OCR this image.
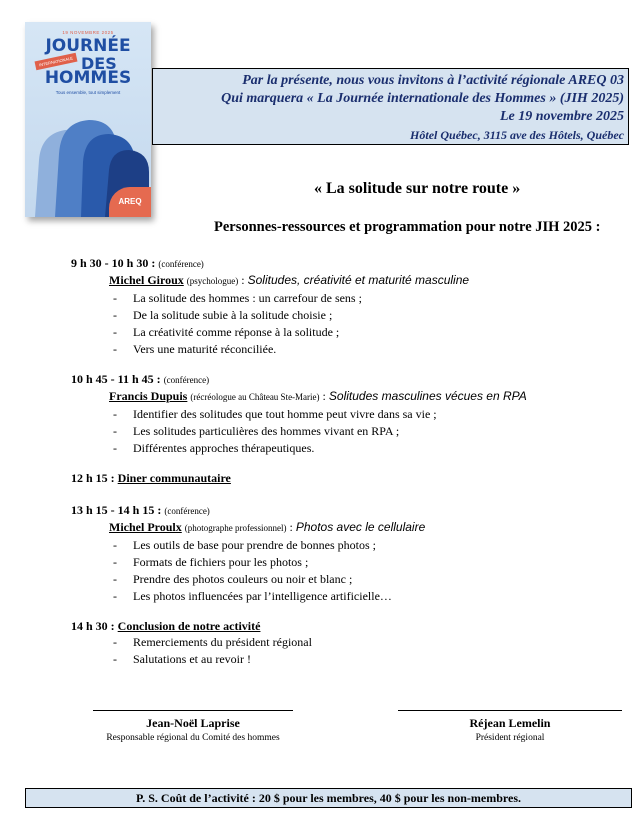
19 NOVEMBRE 2025
JOURNÉE
INTERNATIONALE DES
HOMMES
Tous ensemble, tout simplement
AREQ
Par la présente, nous vous invitons à l’activité régionale AREQ 03
Qui marquera « La Journée internationale des Hommes » (JIH 2025)
Le 19 novembre 2025
Hôtel Québec, 3115 ave des Hôtels, Québec
« La solitude sur notre route »
Personnes-ressources et programmation pour notre JIH 2025 :
9 h 30 - 10 h 30 : (conférence)
Michel Giroux (psychologue) : Solitudes, créativité et maturité masculine
- La solitude des hommes : un carrefour de sens ;
- De la solitude subie à la solitude choisie ;
- La créativité comme réponse à la solitude ;
- Vers une maturité réconciliée.
10 h 45 - 11 h 45 : (conférence)
Francis Dupuis (récréologue au Château Ste-Marie) : Solitudes masculines vécues en RPA
- Identifier des solitudes que tout homme peut vivre dans sa vie ;
- Les solitudes particulières des hommes vivant en RPA ;
- Différentes approches thérapeutiques.
12 h 15 : Diner communautaire
13 h 15 - 14 h 15 : (conférence)
Michel Proulx (photographe professionnel) : Photos avec le cellulaire
- Les outils de base pour prendre de bonnes photos ;
- Formats de fichiers pour les photos ;
- Prendre des photos couleurs ou noir et blanc ;
- Les photos influencées par l’intelligence artificielle…
14 h 30 : Conclusion de notre activité
- Remerciements du président régional
- Salutations et au revoir !
Jean-Noël Laprise
Responsable régional du Comité des hommes
Réjean Lemelin
Président régional
P. S. Coût de l’activité : 20 $ pour les membres, 40 $ pour les non-membres.
